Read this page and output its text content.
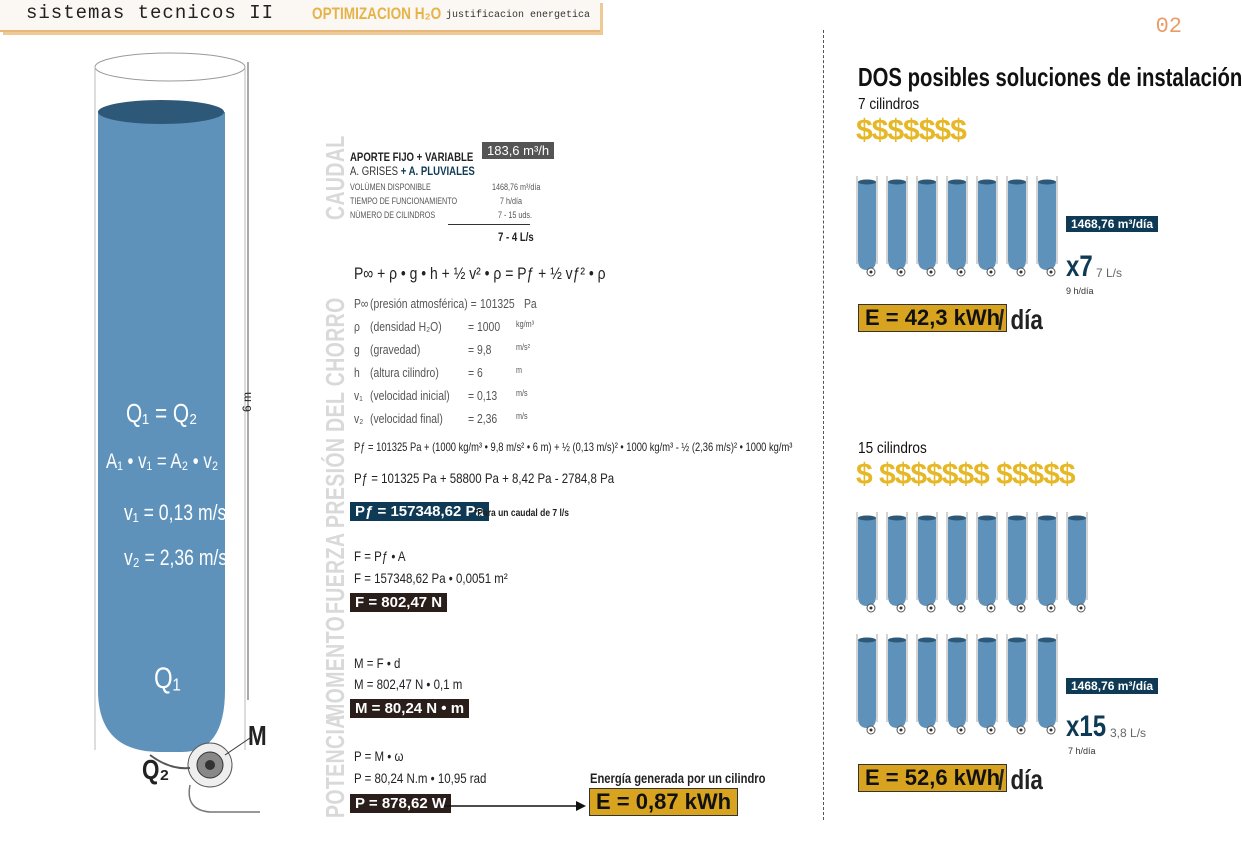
sistemas tecnicos II OPTIMIZACION H₂O justificacion energetica	02
6 m
Q₁ = Q₂
A₁ • v₁ = A₂ • v₂
v₁ = 0,13 m/s
v₂ = 2,36 m/s
Q₁
M
Q₂
CAUDAL APORTE FIJO + VARIABLE
A. GRISES + A. PLUVIALES
183,6 m³/h
VOLÚMEN DISPONIBLE	1468,76 m³/día
TIEMPO DE FUNCIONAMIENTO	7 h/día
NÚMERO DE CILINDROS	7 - 15 uds.
7 - 4 L/s
PRESIÓN DEL CHORRO
P∞ + ρ • g • h + ½ v² • ρ = Pƒ + ½ vƒ² • ρ
P∞ (presión atmosférica) = 101325 Pa
ρ (densidad H₂O) = 1000 kg/m³
g (gravedad)	= 9,8	m/s²
h (altura cilindro) = 6	m
v₁ (velocidad inicial) = 0,13 m/s
v₂ (velocidad final) = 2,36 m/s
Pƒ = 101325 Pa + (1000 kg/m³ • 9,8 m/s² • 6 m) + ½ (0,13 m/s)² • 1000 kg/m³ - ½ (2,36 m/s)² • 1000 kg/m³
Pƒ = 101325 Pa + 58800 Pa + 8,42 Pa - 2784,8 Pa
Pƒ = 157348,62 Pa
*Para un caudal de 7 l/s
FUERZA F = Pƒ • A
F = 157348,62 Pa • 0,0051 m²
F = 802,47 N
MOMENTO M = F • d
M = 802,47 N • 0,1 m
M = 80,24 N • m
POTENCIA P = M • ω
P = 80,24 N.m • 10,95 rad
P = 878,62 W
Energía generada por un cilindro
E = 0,87 kWh
DOS posibles soluciones de instalación
7 cilindros
$$$$$$$
1468,76 m³/día
x7 7 L/s
9 h/día
E = 42,3 kWh
/ día
15 cilindros
$ $$$$$$$ $$$$$
1468,76 m³/día
x15 3,8 L/s
7 h/día
E = 52,6 kWh
/ día
